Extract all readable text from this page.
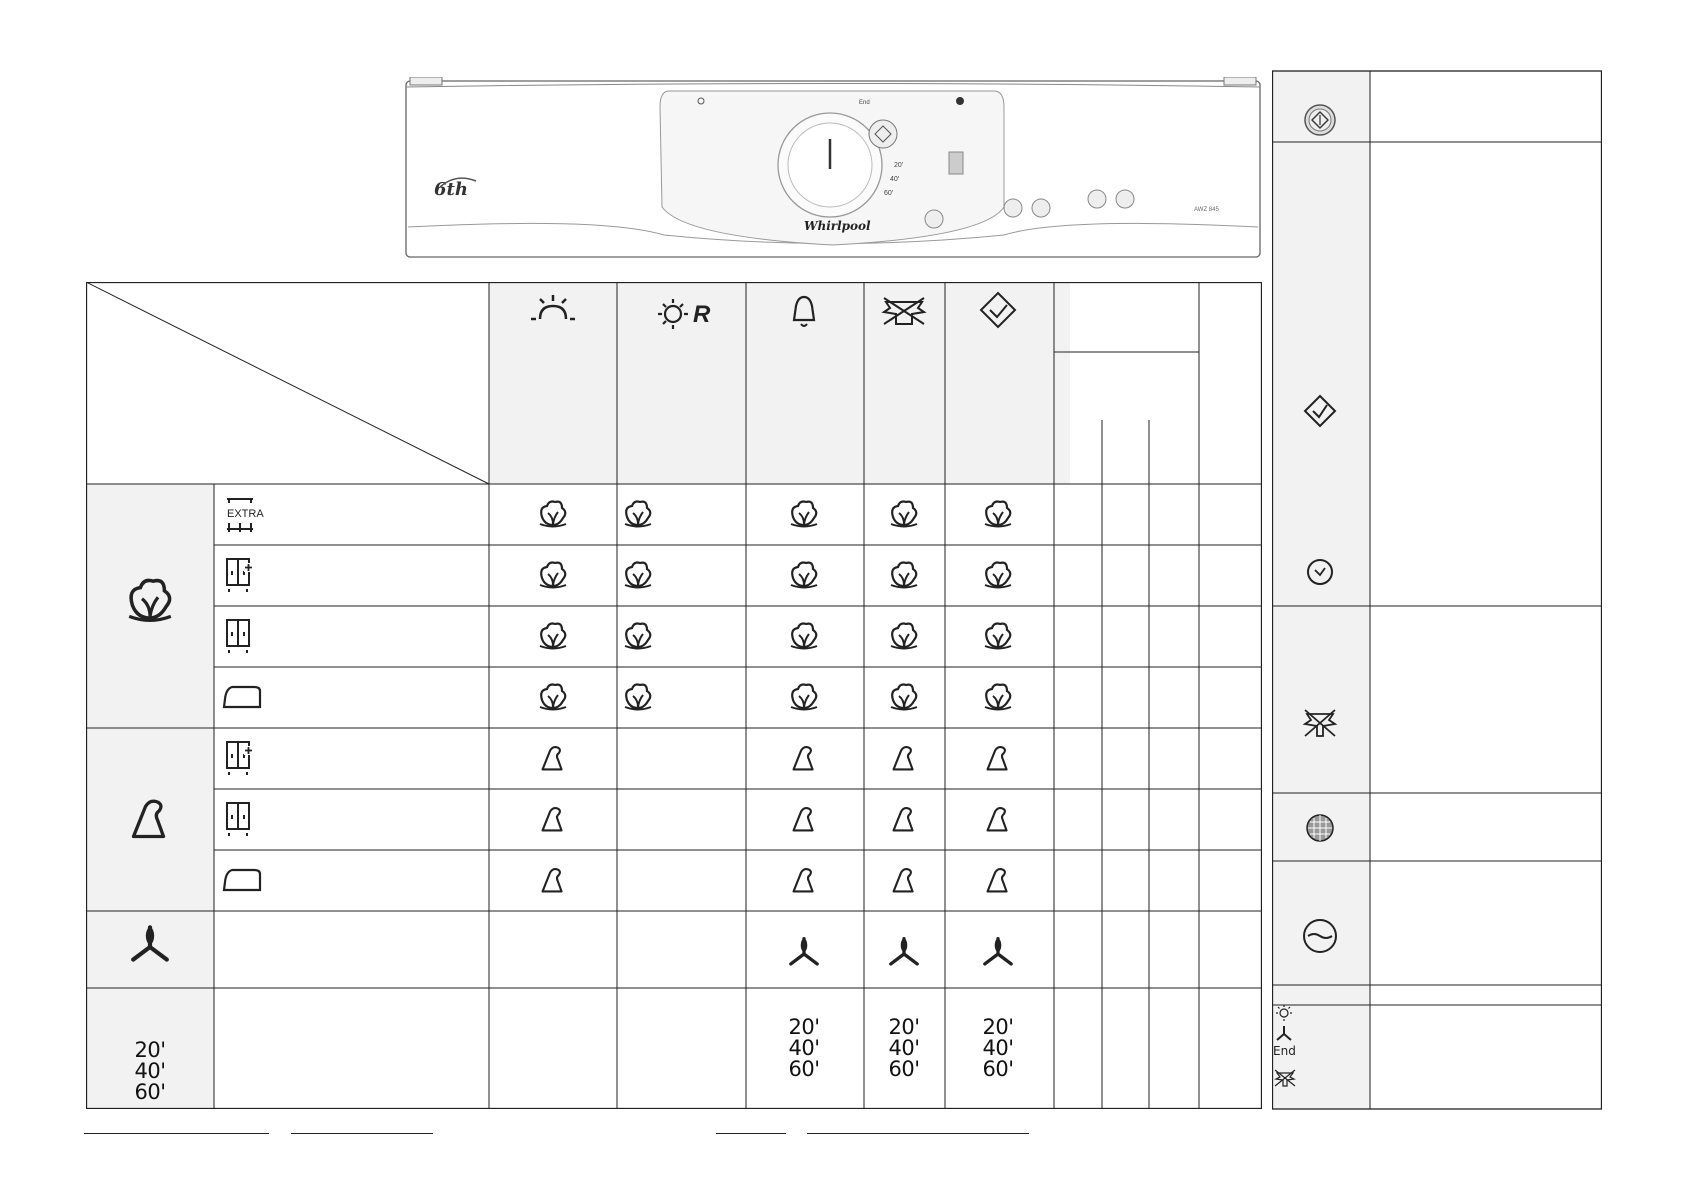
6th
20'
40'
60'
End
Whirlpool
AWZ 845
R
EXTRA
End
20'
40'
60'
20'
40'
60'
20'
40'
60'
20'
40'
60'
